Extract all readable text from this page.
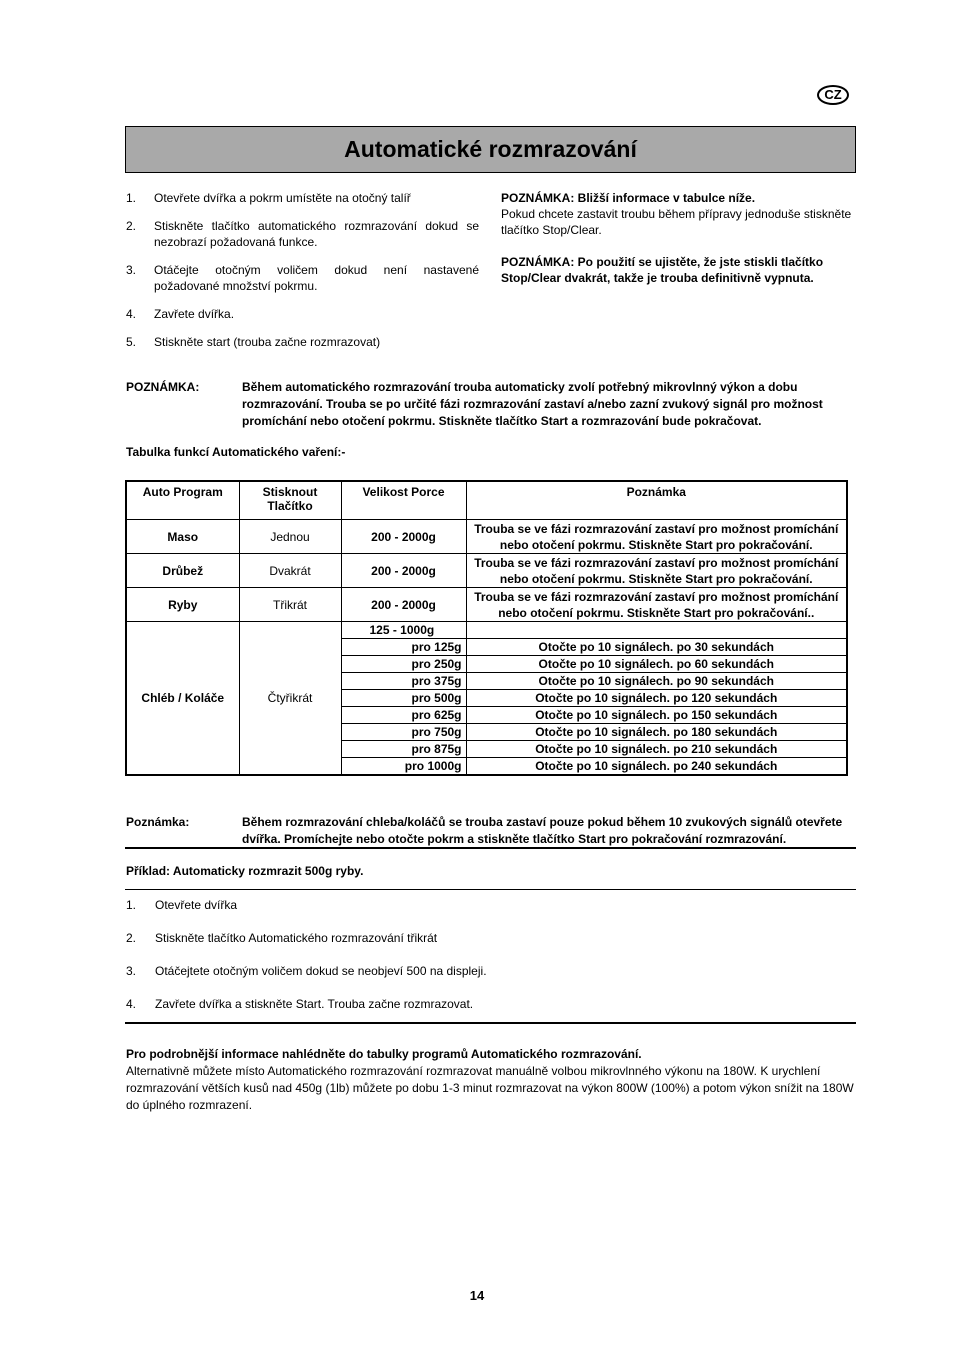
CZ
Automatické rozmrazování
1. Otevřete dvířka a pokrm umístěte na otočný talíř
2. Stiskněte tlačítko automatického rozmrazování dokud se nezobrazí požadovaná funkce.
3. Otáčejte otočným voličem dokud není nastavené požadované množství pokrmu.
4. Zavřete dvířka.
5. Stiskněte start (trouba začne rozmrazovat)

POZNÁMKA: Bližší informace v tabulce níže.
Pokud chcete zastavit troubu během přípravy jednoduše stiskněte tlačítko Stop/Clear.

POZNÁMKA: Po použití se ujistěte, že jste stiskli tlačítko Stop/Clear dvakrát, takže je trouba definitivně vypnuta.

POZNÁMKA:	Během automatického rozmrazování trouba automaticky zvolí potřebný mikrovlnný výkon a dobu rozmrazování. Trouba se po určité fázi rozmrazování zastaví a/nebo zazní zvukový signál pro možnost promíchání nebo otočení pokrmu. Stiskněte tlačítko Start a rozmrazování bude pokračovat.
Tabulka funkcí Automatického vaření:-
Auto Program	Stisknout Tlačítko	Velikost Porce	Poznámka
Maso	Jednou	200 - 2000g	Trouba se ve fázi rozmrazování zastaví pro možnost promíchání nebo otočení pokrmu. Stiskněte Start pro pokračování.
Drůbež	Dvakrát	200 - 2000g	Trouba se ve fázi rozmrazování zastaví pro možnost promíchání nebo otočení pokrmu. Stiskněte Start pro pokračování.
Ryby	Třikrát	200 - 2000g	Trouba se ve fázi rozmrazování zastaví pro možnost promíchání nebo otočení pokrmu. Stiskněte Start pro pokračování..
Chléb / Koláče	Čtyřikrát	125 - 1000g	
		pro 125g	Otočte po 10 signálech. po 30 sekundách
		pro 250g	Otočte po 10 signálech. po 60 sekundách
		pro 375g	Otočte po 10 signálech. po 90 sekundách
		pro 500g	Otočte po 10 signálech. po 120 sekundách
		pro 625g	Otočte po 10 signálech. po 150 sekundách
		pro 750g	Otočte po 10 signálech. po 180 sekundách
		pro 875g	Otočte po 10 signálech. po 210 sekundách
		pro 1000g	Otočte po 10 signálech. po 240 sekundách
Poznámka:	Během rozmrazování chleba/koláčů se trouba zastaví pouze pokud během 10 zvukových signálů otevřete dvířka. Promíchejte nebo otočte pokrm a stiskněte tlačítko Start pro pokračování rozmrazování.
Příklad: Automaticky rozmrazit 500g ryby.
1. Otevřete dvířka
2. Stiskněte tlačítko Automatického rozmrazování třikrát
3. Otáčejtete otočným voličem dokud se neobjeví 500 na displeji.
4. Zavřete dvířka a stiskněte Start. Trouba začne rozmrazovat.
Pro podrobnější informace nahlédněte do tabulky programů Automatického rozmrazování.
Alternativně můžete místo Automatického rozmrazování rozmrazovat manuálně volbou mikrovlnného výkonu na 180W. K urychlení rozmrazování větších kusů nad 450g (1lb) můžete po dobu 1-3 minut rozmrazovat na výkon 800W (100%) a potom výkon snížit na 180W do úplného rozmrazení.
14
